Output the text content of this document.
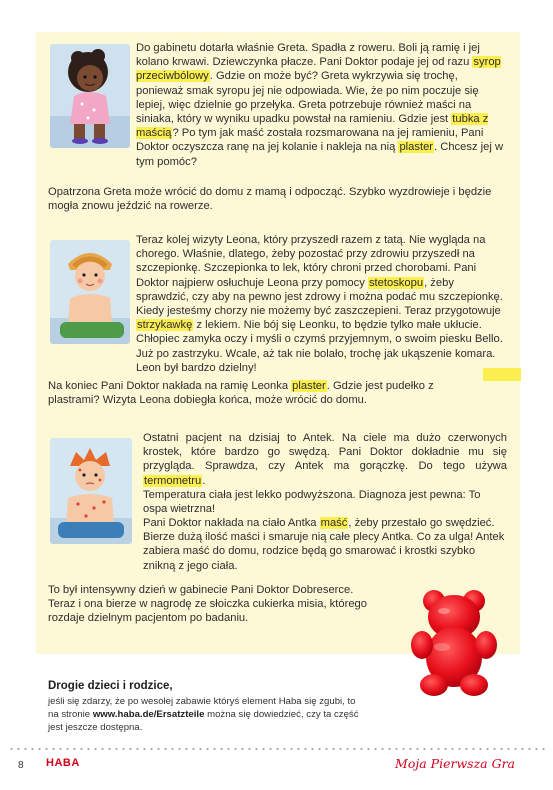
Do gabinetu dotarła właśnie Greta. Spadła z roweru. Boli ją ramię i jej kolano krwawi. Dziewczynka płacze. Pani Doktor podaje jej od razu syrop przeciwbólowy. Gdzie on może być? Greta wykrzywia się trochę, ponieważ smak syropu jej nie odpowiada. Wie, że po nim poczuje się lepiej, więc dzielnie go przełyka. Greta potrzebuje również maści na siniaka, który w wyniku upadku powstał na ramieniu. Gdzie jest tubka z maścią? Po tym jak maść została rozsmarowana na jej ramieniu, Pani Doktor oczyszcza ranę na jej kolanie i nakleja na nią plaster. Chcesz jej w tym pomóc?

Opatrzona Greta może wrócić do domu z mamą i odpocząć. Szybko wyzdrowieje i będzie mogła znowu jeździć na rowerze.

Teraz kolej wizyty Leona, który przyszedł razem z tatą. Nie wygląda na chorego. Właśnie, dlatego, żeby pozostać przy zdrowiu przyszedł na szczepionkę. Szczepionka to lek, który chroni przed chorobami. Pani Doktor najpierw osłuchuje Leona przy pomocy stetoskopu, żeby sprawdzić, czy aby na pewno jest zdrowy i można podać mu szczepionkę. Kiedy jesteśmy chorzy nie możemy być zaszczepieni. Teraz przygotowuje strzykawkę z lekiem. Nie bój się Leonku, to będzie tylko małe ukłucie. Chłopiec zamyka oczy i myśli o czymś przyjemnym, o swoim piesku Bello. Już po zastrzyku. Wcale, aż tak nie bolało, trochę jak ukąszenie komara. Leon był bardzo dzielny!

Na koniec Pani Doktor nakłada na ramię Leonka plaster. Gdzie jest pudełko z plastrami? Wizyta Leona dobiegła końca, może wrócić do domu.

Ostatni pacjent na dzisiaj to Antek. Na ciele ma dużo czerwonych krostek, które bardzo go swędzą. Pani Doktor dokładnie mu się przygląda. Sprawdza, czy Antek ma gorączkę. Do tego używa termometru.

Temperatura ciała jest lekko podwyższona. Diagnoza jest pewna: To ospa wietrzna!

Pani Doktor nakłada na ciało Antka maść, żeby przestało go swędzieć. Bierze dużą ilość maści i smaruje nią całe plecy Antka. Co za ulga! Antek zabiera maść do domu, rodzice będą go smarować i krostki szybko znikną z jego ciała.

To był intensywny dzień w gabinecie Pani Doktor Dobreserce.

Teraz i ona bierze w nagrodę ze słoiczka cukierka misia, którego rozdaje dzielnym pacjentom po badaniu.

Drogie dzieci i rodzice,
jeśli się zdarzy, że po wesołej zabawie któryś element Haba się zgubi, to na stronie www.haba.de/Ersatzteile można się dowiedzieć, czy ta część jest jeszcze dostępna.
8 HABA	Moja Pierwsza Gra
